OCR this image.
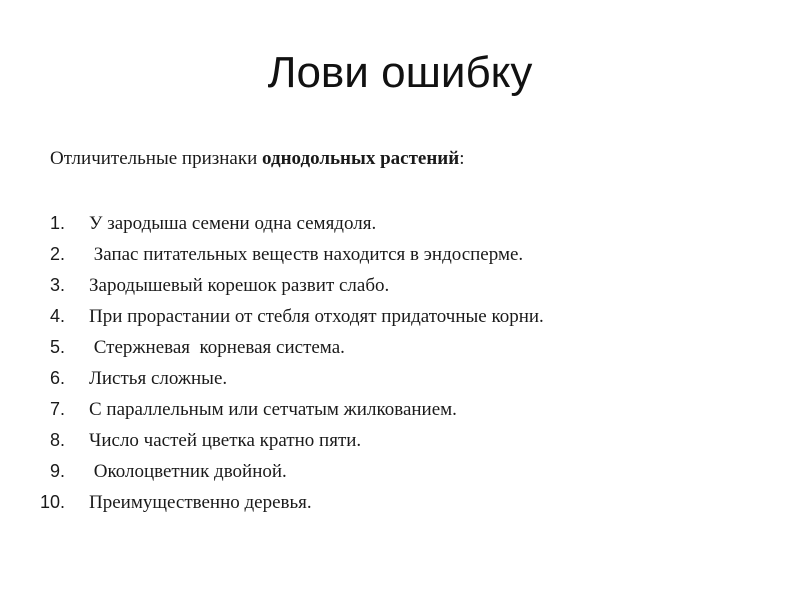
Лови ошибку
Отличительные признаки однодольных растений:
1. У зародыша семени одна семядоля.
2. Запас питательных веществ находится в эндосперме.
3. Зародышевый корешок развит слабо.
4. При прорастании от стебля отходят придаточные корни.
5. Стержневая  корневая система.
6. Листья сложные.
7. С параллельным или сетчатым жилкованием.
8. Число частей цветка кратно пяти.
9. Околоцветник двойной.
10. Преимущественно деревья.
